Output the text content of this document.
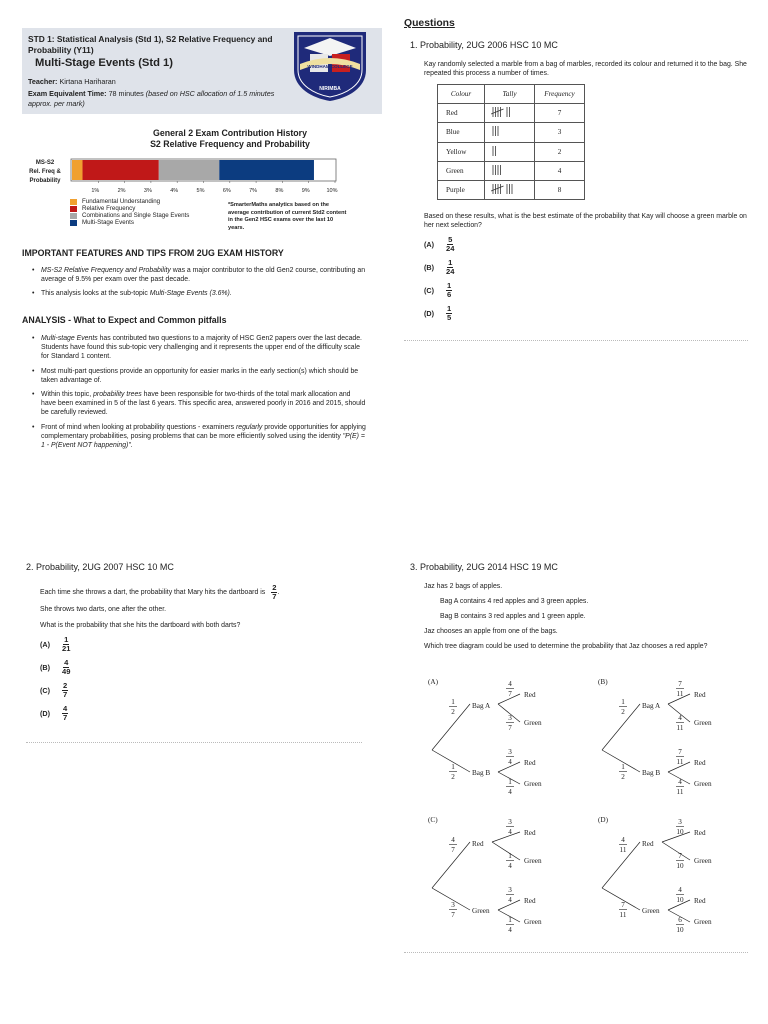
STD 1: Statistical Analysis (Std 1), S2 Relative Frequency and Probability (Y11)
Multi-Stage Events (Std 1)
Teacher: Kirtana Hariharan
Exam Equivalent Time: 78 minutes (based on HSC allocation of 1.5 minutes approx. per mark)
WINDHAM COLLEGE
NIRIMBA
General 2 Exam Contribution History
S2 Relative Frequency and Probability
MS-S2
Rel. Freq &
Probability
1%	2%	3%	4%	5%	6%	7%	8%	9%	10%
Fundamental Understanding
Relative Frequency
Combinations and Single Stage Events
Multi-Stage Events
*SmarterMaths analytics based on the average contribution of current Std2 content in the Gen2 HSC exams over the last 10 years.
IMPORTANT FEATURES AND TIPS FROM 2UG EXAM HISTORY
• MS-S2 Relative Frequency and Probability was a major contributor to the old Gen2 course, contributing an average of 9.5% per exam over the past decade.
• This analysis looks at the sub-topic Multi-Stage Events (3.6%).
ANALYSIS - What to Expect and Common pitfalls
• Multi-stage Events has contributed two questions to a majority of HSC Gen2 papers over the last decade. Students have found this sub-topic very challenging and it represents the upper end of the difficulty scale for Standard 1 content.
• Most multi-part questions provide an opportunity for easier marks in the early section(s) which should be taken advantage of.
• Within this topic, probability trees have been responsible for two-thirds of the total mark allocation and have been examined in 5 of the last 6 years. This specific area, answered poorly in 2016 and 2015, should be carefully reviewed.
• Front of mind when looking at probability questions - examiners regularly provide opportunities for applying complementary probabilities, posing problems that can be more efficiently solved using the identity "P(E) = 1 - P(Event NOT happening)".
2. Probability, 2UG 2007 HSC 10 MC
Each time she throws a dart, the probability that Mary hits the dartboard is $\frac{2}{7}$ .
She throws two darts, one after the other.
What is the probability that she hits the dartboard with both darts?
(A)	$\frac{1}{21}$
(B)	$\frac{4}{49}$
(C)	$\frac{2}{7}$
(D)	$\frac{4}{7}$
Questions
1. Probability, 2UG 2006 HSC 10 MC
Kay randomly selected a marble from a bag of marbles, recorded its colour and returned it to the bag. She repeated this process a number of times.
Colour	Tally	Frequency
Red		7
Blue		3
Yellow		2
Green		4
Purple		8
Based on these results, what is the best estimate of the probability that Kay will choose a green marble on her next selection?
(A)	$\frac{5}{24}$
(B)	$\frac{1}{24}$
(C)	$\frac{1}{6}$
(D)	$\frac{1}{5}$
3. Probability, 2UG 2014 HSC 19 MC
Jaz has 2 bags of apples.
Bag A contains 4 red apples and 3 green apples.
Bag B contains 3 red apples and 1 green apple.
Jaz chooses an apple from one of the bags.
Which tree diagram could be used to determine the probability that Jaz chooses a red apple?
(A)
Bag A
Bag B
1
2
1
2
4
7 Red
3
7
Green
3
4 Red
1
4
Green
(B)
Bag A
Bag B
1
2
1
2
7
11 Red
4
11
Green
7
11 Red
4
11
Green
(C)
Red
Green
4
7
3
7
3
4 Red
1
4
Green
3
4 Red
1
4
Green
(D)
Red
Green
4
11
7
11
3
10 Red
7
10
Green
4
10 Red
6
10
Green
